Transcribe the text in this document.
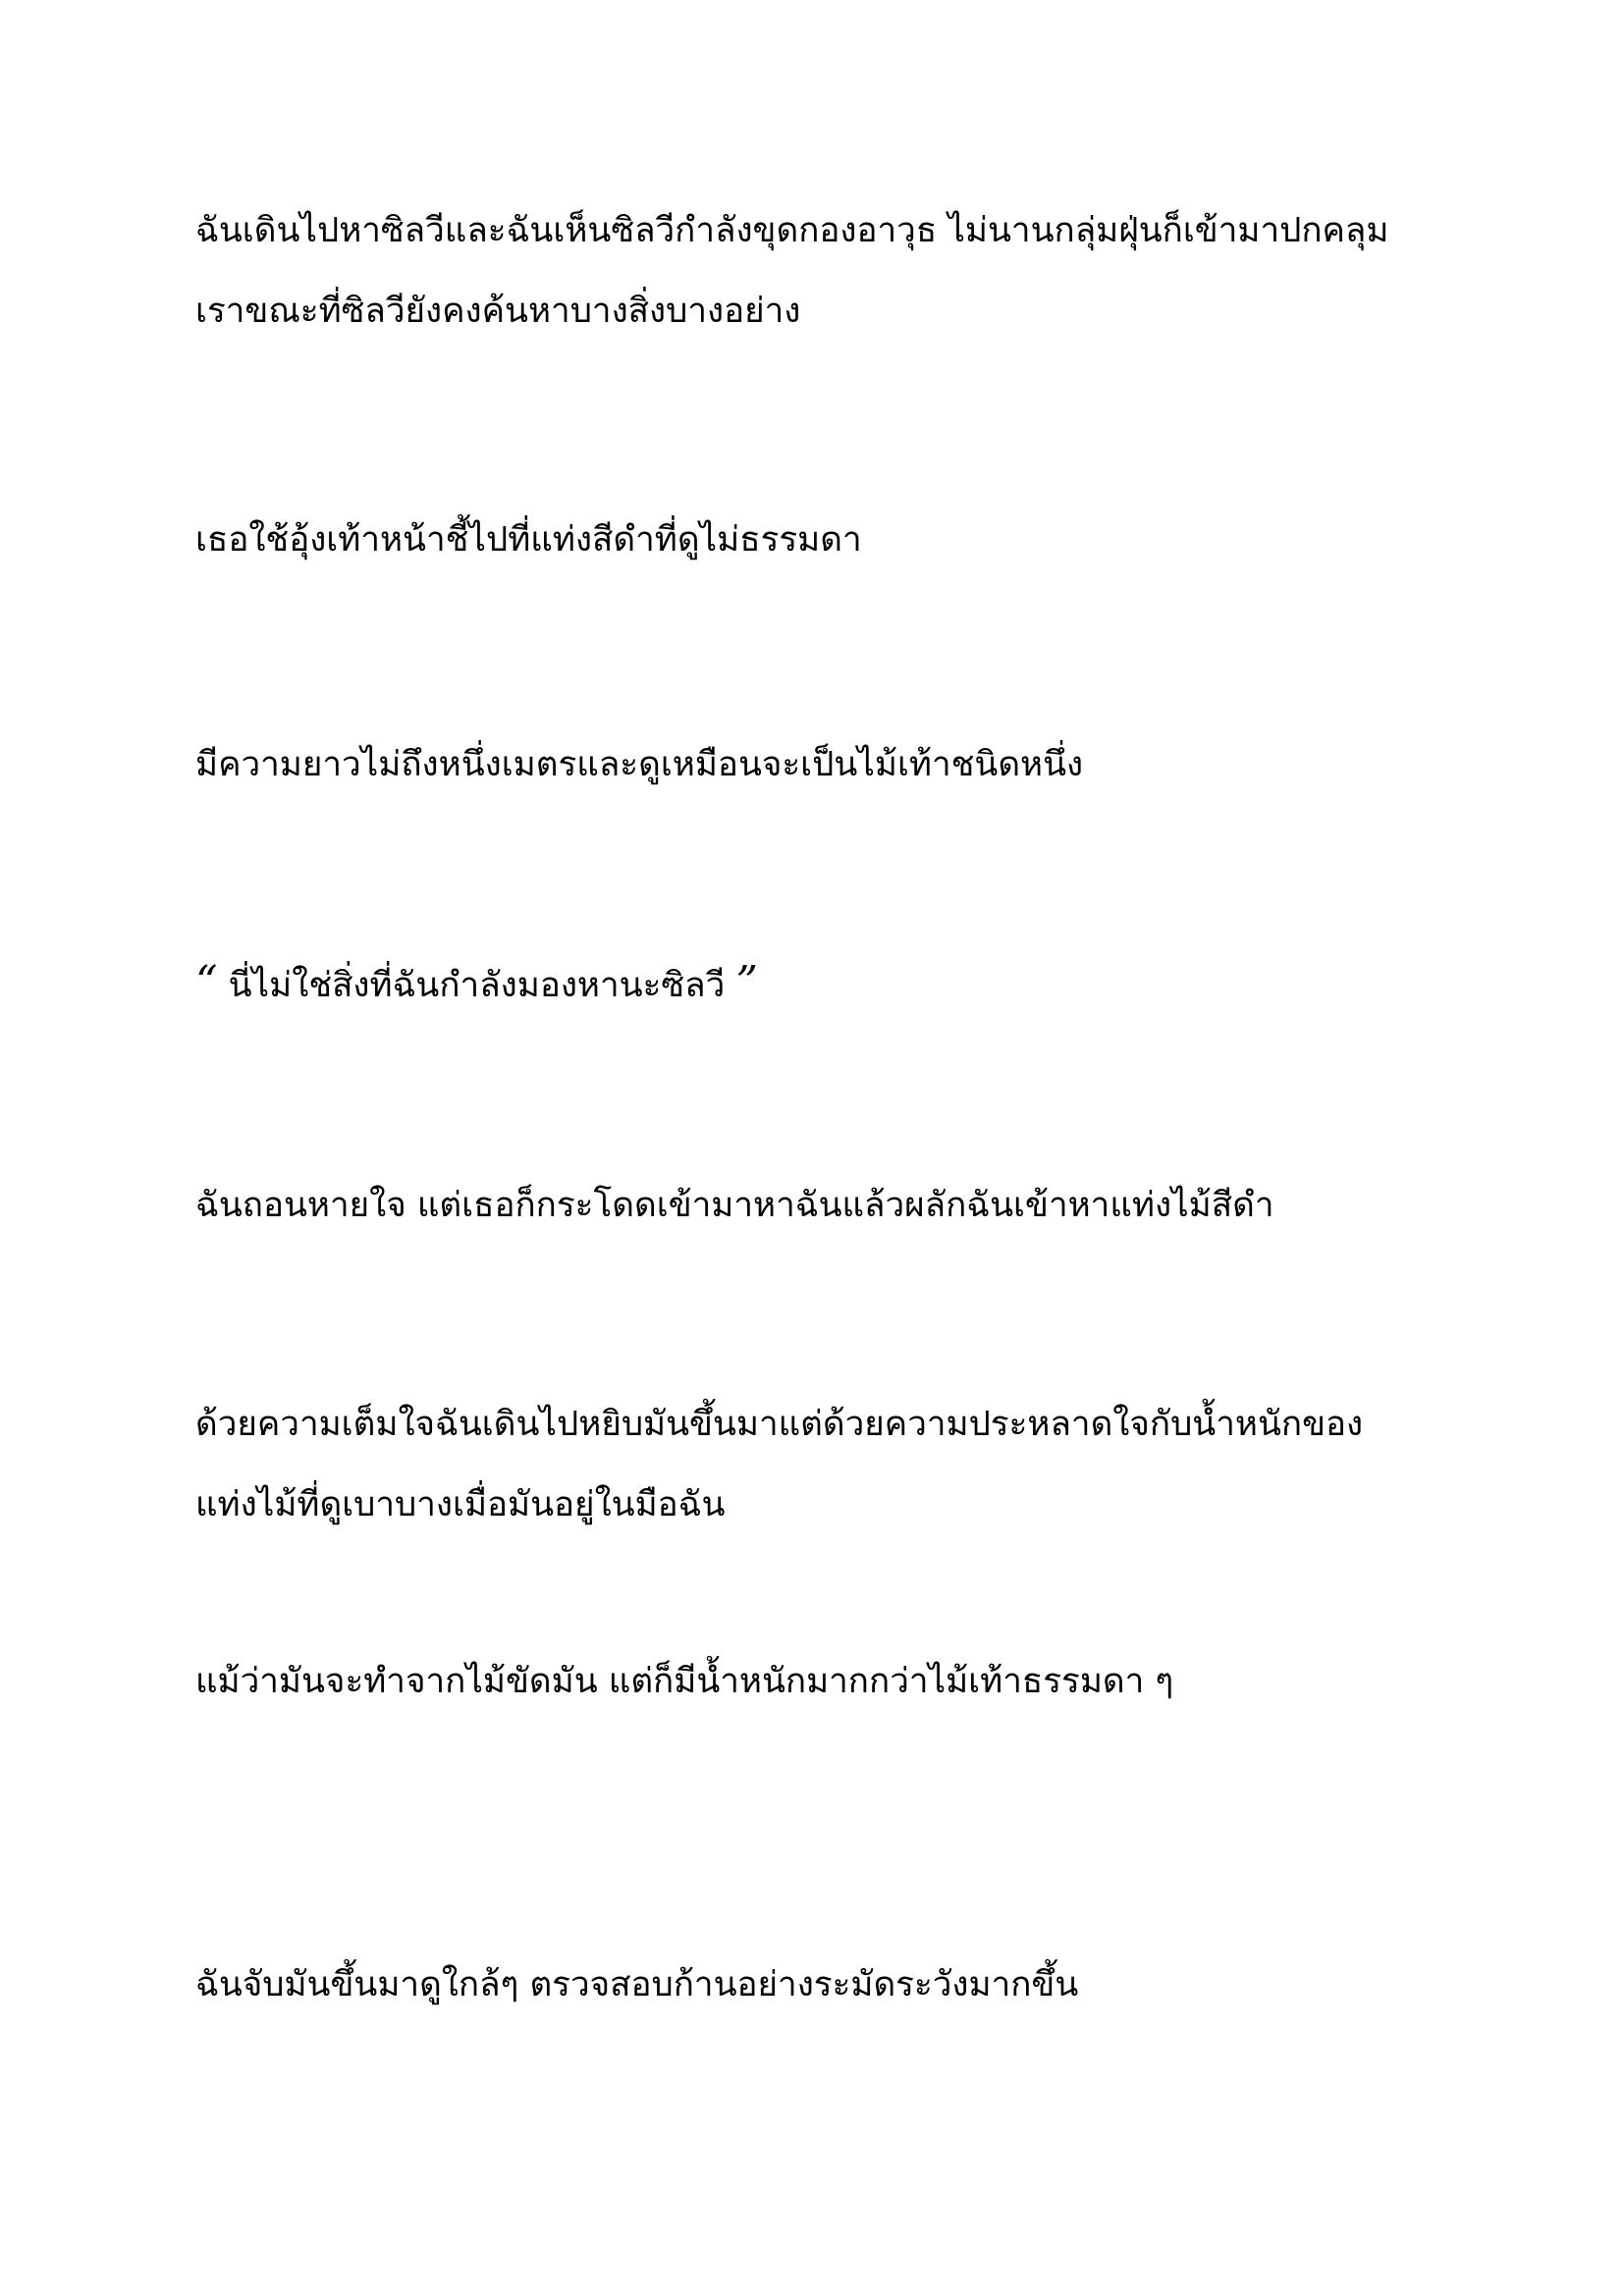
ฉันเดินไปหาซิลวีและฉันเห็นซิลวีกำลังขุดกองอาวุธ ไม่นานกลุ่มฝุ่นก็เข้ามาปกคลุม
เราขณะที่ซิลวียังคงค้นหาบางสิ่งบางอย่าง

เธอใช้อุ้งเท้าหน้าชี้ไปที่แท่งสีดำที่ดูไม่ธรรมดา

มีความยาวไม่ถึงหนึ่งเมตรและดูเหมือนจะเป็นไม้เท้าชนิดหนึ่ง

“ นี่ไม่ใช่สิ่งที่ฉันกำลังมองหานะซิลวี ”

ฉันถอนหายใจ แต่เธอก็กระโดดเข้ามาหาฉันแล้วผลักฉันเข้าหาแท่งไม้สีดำ

ด้วยความเต็มใจฉันเดินไปหยิบมันขึ้นมาแต่ด้วยความประหลาดใจกับน้ำหนักของ
แท่งไม้ที่ดูเบาบางเมื่อมันอยู่ในมือฉัน

แม้ว่ามันจะทำจากไม้ขัดมัน แต่ก็มีน้ำหนักมากกว่าไม้เท้าธรรมดา ๆ

ฉันจับมันขึ้นมาดูใกล้ๆ ตรวจสอบก้านอย่างระมัดระวังมากขึ้น
